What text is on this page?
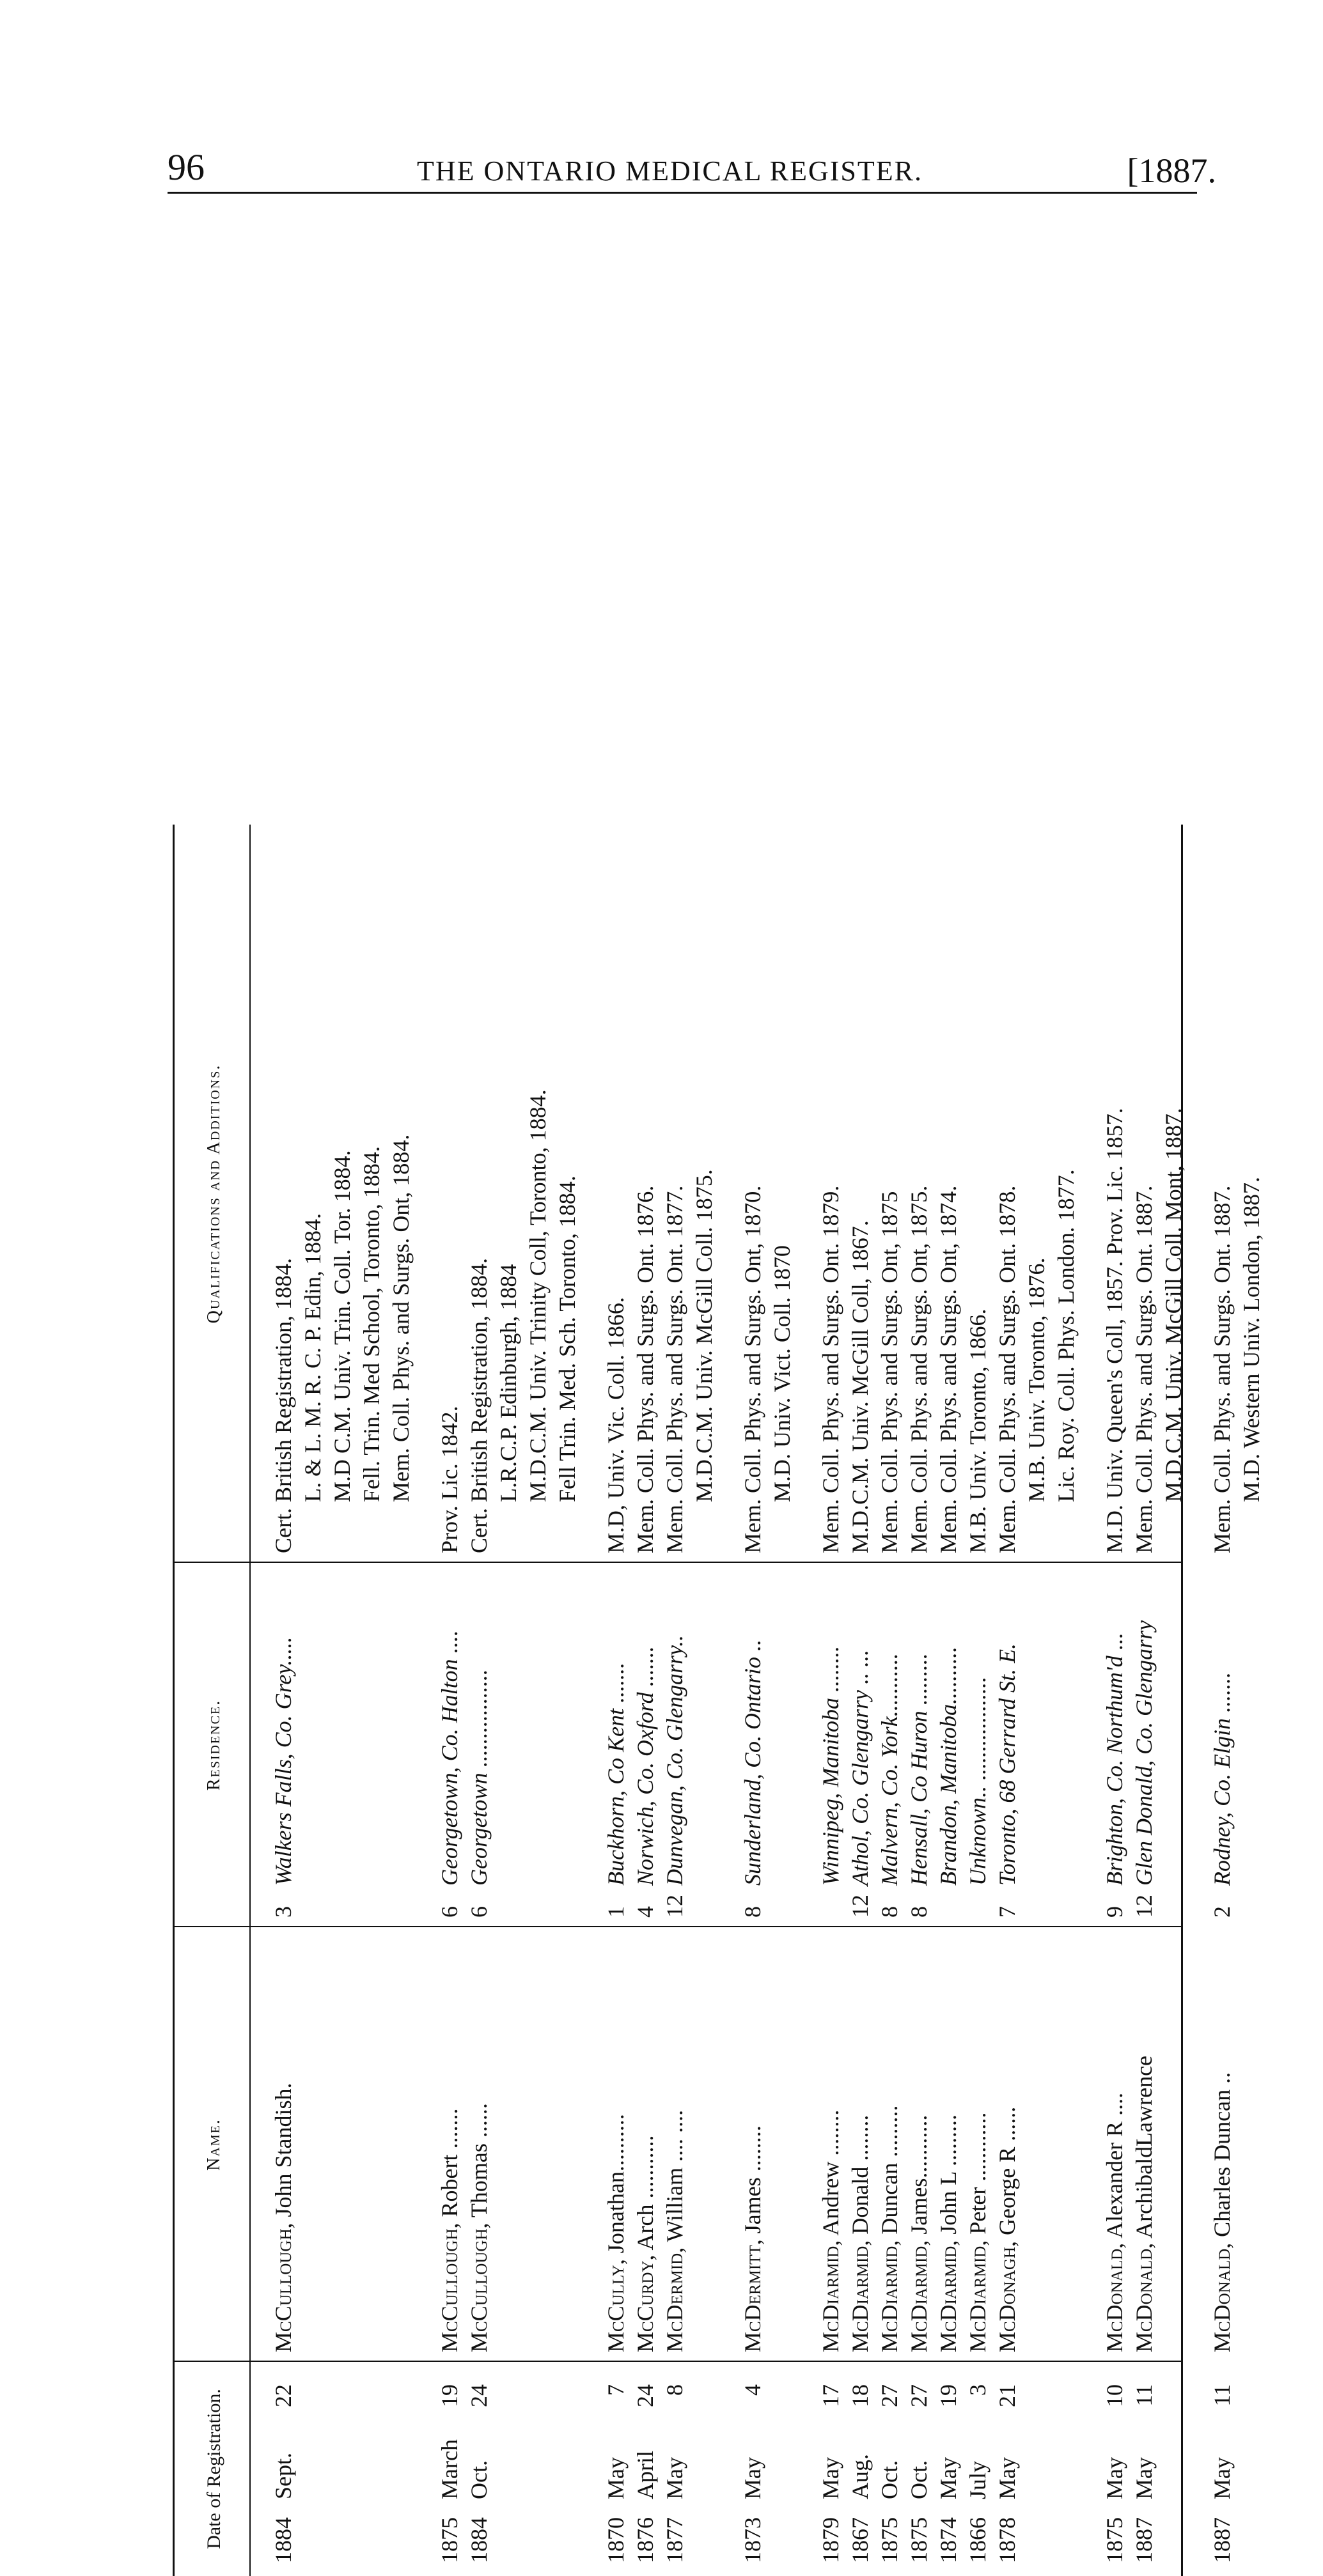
96	THE ONTARIO MEDICAL REGISTER.	[1887.
Date of Registration.
Name.
Residence.
Qualifications and Additions.
1884Sept.22
McCullough, John Standish.
3Walkers Falls, Co. Grey.....
Cert. British Registration, 1884. L. & L. M. R. C. P. Edin, 1884. M.D C.M. Univ. Trin. Coll. Tor. 1884. Fell. Trin. Med School, Toronto, 1884. Mem. Coll. Phys. and Surgs. Ont, 1884.
1875March19
McCullough, Robert .......
6Georgetown, Co. Halton ....
Prov. Lic. 1842.
1884Oct.24
McCullough, Thomas ......
6Georgetown .................
Cert. British Registration, 1884. L.R.C.P. Edinburgh, 1884 M.D.C.M. Univ. Trinity Coll, Toronto, 1884. Fell Trin. Med. Sch. Toronto, 1884.
1870May7
McCully, Jonathan..........
1Buckhorn, Co Kent .......
M.D, Univ. Vic. Coll. 1866.
1876April24
McCurdy, Arch ...........
4Norwich, Co. Oxford .......
Mem. Coll. Phys. and Surgs. Ont. 1876.
1877May8
McDermid, William .... ....
12Dunvegan, Co. Glengarry..
Mem. Coll. Phys. and Surgs. Ont. 1877. M.D.C.M. Univ. McGill Coll. 1875.
1873May4
McDermitt, James ........
8Sunderland, Co. Ontario ..
Mem. Coll. Phys. and Surgs. Ont, 1870. M.D. Univ. Vict. Coll. 1870
1879May17
McDiarmid, Andrew ........
Winnipeg, Manitoba ........
Mem. Coll. Phys. and Surgs. Ont. 1879.
1867Aug.18
McDiarmid, Donald ........
12Athol, Co. Glengarry .. ...
M.D.C.M. Univ. McGill Coll, 1867.
1875Oct.27
McDiarmid, Duncan .........
8Malvern, Co. York...........
Mem. Coll. Phys. and Surgs. Ont, 1875
1875Oct.27
McDiarmid, James...........
8Hensall, Co Huron .........
Mem. Coll. Phys. and Surgs. Ont, 1875.
1874May19
McDiarmid, John L .........
Brandon, Manitoba..........
Mem. Coll. Phys. and Surgs. Ont, 1874.
1866July3
McDiarmid, Peter ............
Unknown.. ..................
M.B. Univ. Toronto, 1866.
1878May21
McDonagh, George R ......
7Toronto, 68 Gerrard St. E.
Mem. Coll. Phys. and Surgs. Ont. 1878. M.B. Univ. Toronto, 1876. Lic. Roy. Coll. Phys. London. 1877.
1875May10
McDonald, Alexander R ....
9Brighton, Co. Northum'd ...
M.D. Univ. Queen's Coll, 1857. Prov. Lic. 1857.
1887May11
McDonald, ArchibaldLawrence
12Glen Donald, Co. Glengarry
Mem. Coll. Phys. and Surgs. Ont. 1887. M.D.C.M. Univ. McGill Coll. Mont, 1887.
1887May11
McDonald, Charles Duncan ..
2Rodney, Co. Elgin .......
Mem. Coll. Phys. and Surgs. Ont. 1887. M.D. Western Univ. London, 1887.
